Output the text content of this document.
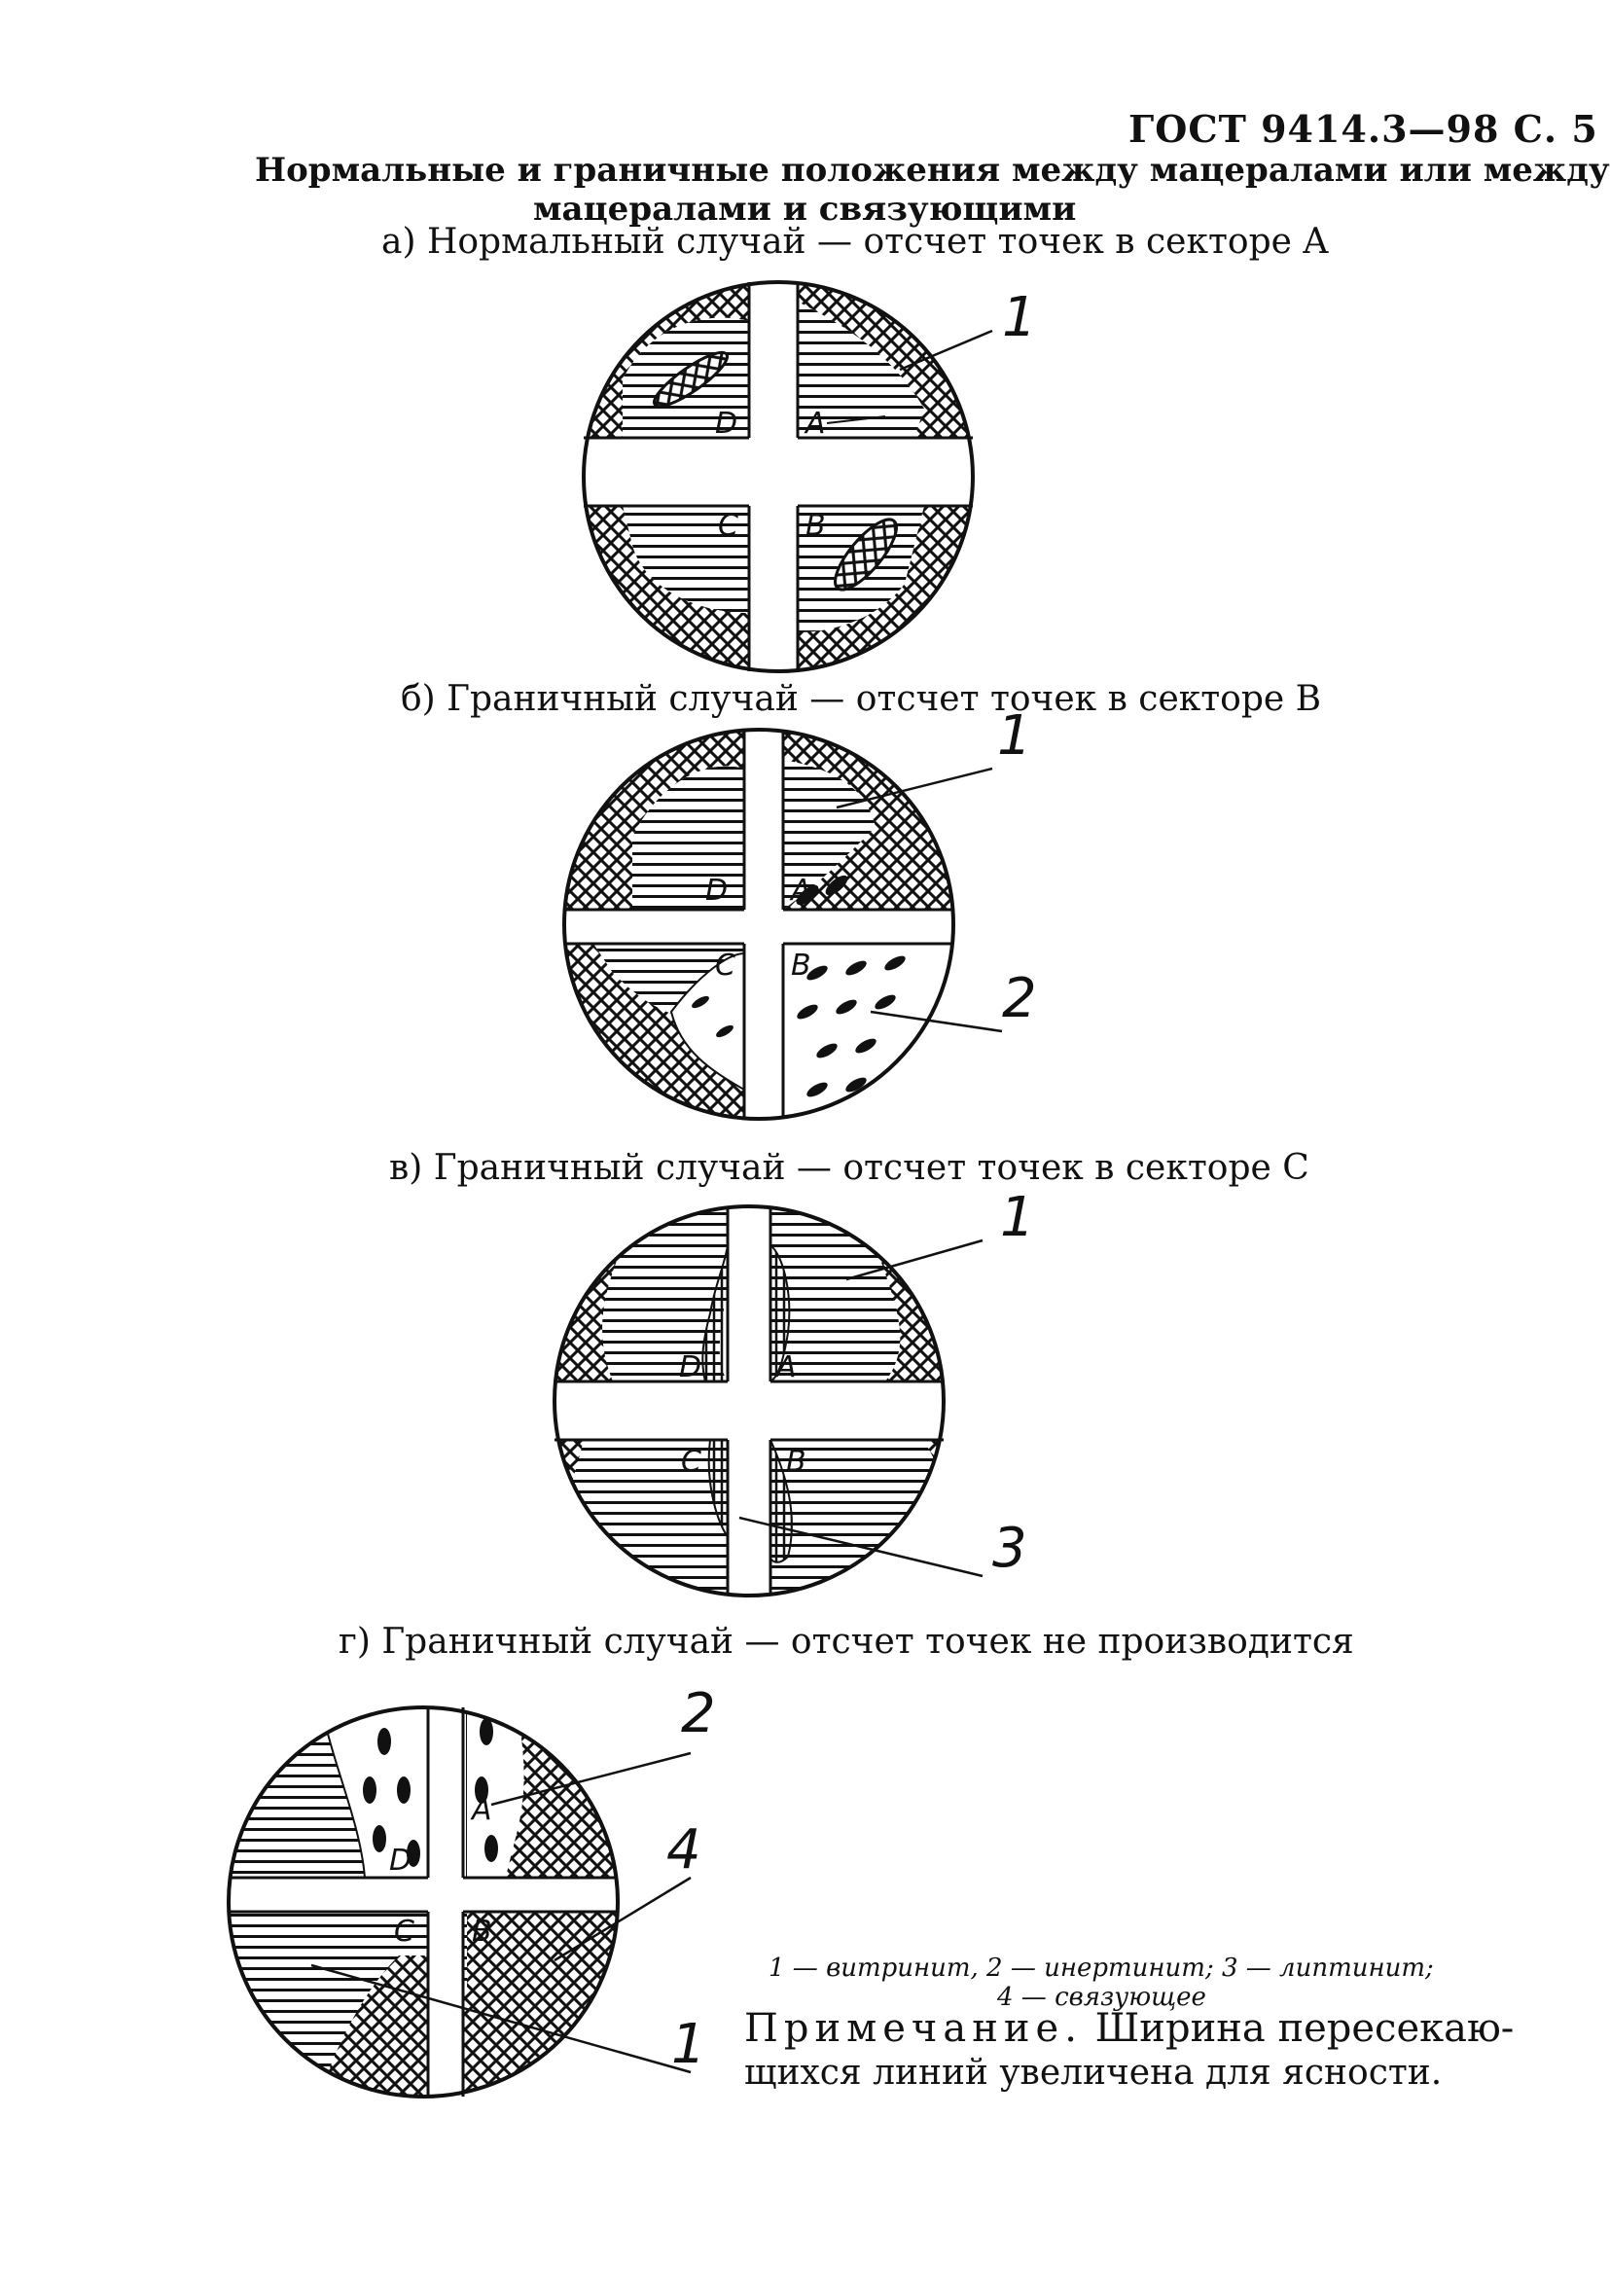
ГОСТ 9414.3—98 С. 5

Нормальные и граничные положения между мацералами или между

мацералами и связующими

а) Нормальный случай — отсчет точек в секторе A

D A
C B
1

б) Граничный случай — отсчет точек в секторе B

D A
C B
1
2

в) Граничный случай — отсчет точек в секторе C

D	A
C	B
1
3

г) Граничный случай — отсчет точек не производится

D
A
C B
2
4
1

1 — витринит, 2 — инертинит; 3 — липтинит;

4 — связующее

Примечание. Ширина пересекаю-

щихся линий увеличена для ясности.
